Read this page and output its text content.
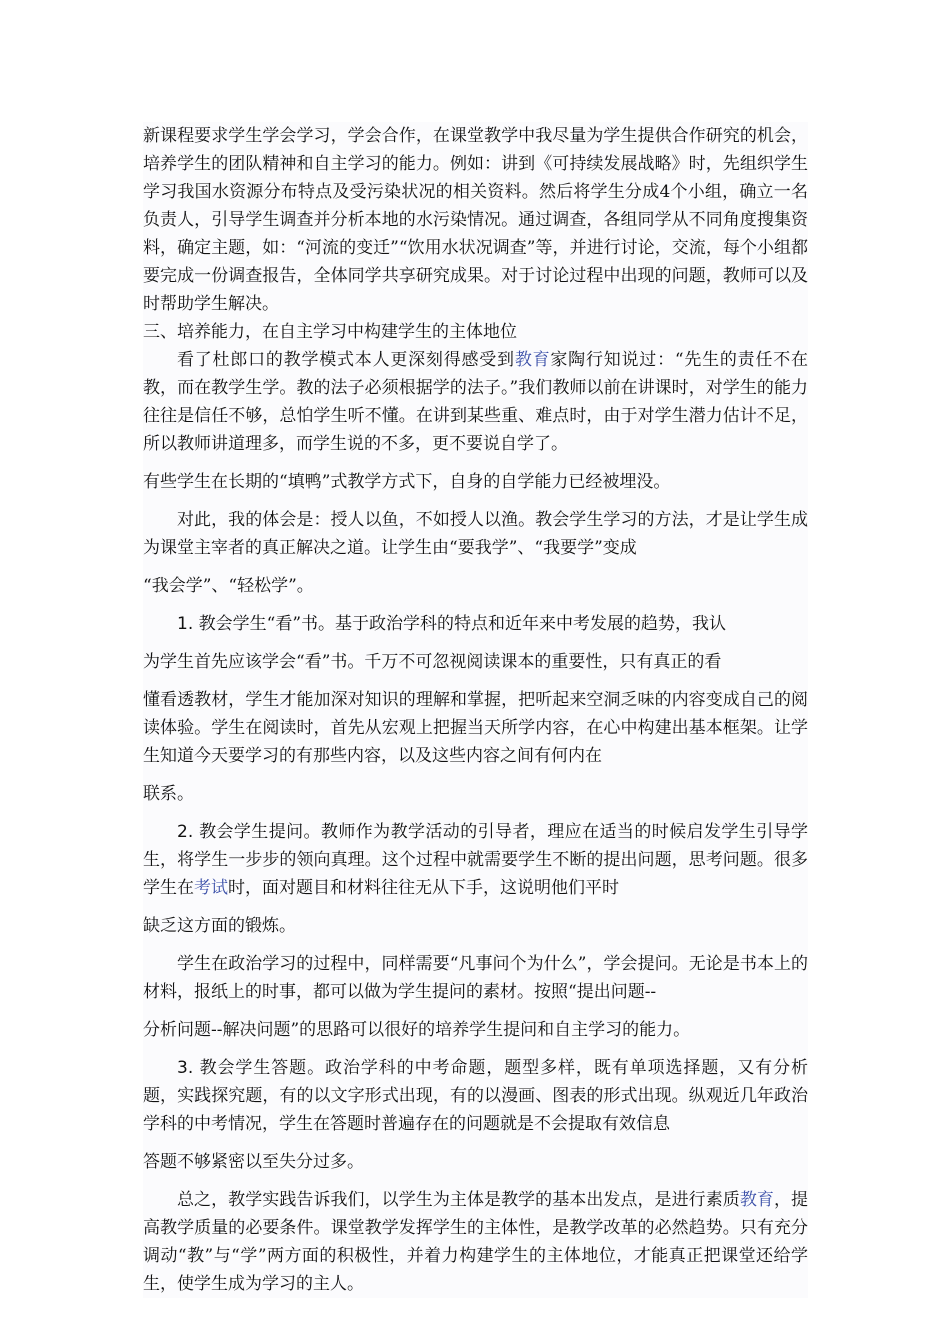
新课程要求学生学会学习，学会合作，在课堂教学中我尽量为学生提供合作研究的机会，培养学生的团队精神和自主学习的能力。例如：讲到《可持续发展战略》时，先组织学生学习我国水资源分布特点及受污染状况的相关资料。然后将学生分成4个小组，确立一名负责人，引导学生调查并分析本地的水污染情况。通过调查，各组同学从不同角度搜集资料，确定主题，如：“河流的变迁”“饮用水状况调查”等，并进行讨论，交流，每个小组都要完成一份调查报告，全体同学共享研究成果。对于讨论过程中出现的问题，教师可以及时帮助学生解决。

三、培养能力，在自主学习中构建学生的主体地位

看了杜郎口的教学模式本人更深刻得感受到教育家陶行知说过：“先生的责任不在教，而在教学生学。教的法子必须根据学的法子。”我们教师以前在讲课时，对学生的能力往往是信任不够，总怕学生听不懂。在讲到某些重、难点时，由于对学生潜力估计不足，所以教师讲道理多，而学生说的不多，更不要说自学了。

有些学生在长期的“填鸭”式教学方式下，自身的自学能力已经被埋没。

对此，我的体会是：授人以鱼，不如授人以渔。教会学生学习的方法，才是让学生成为课堂主宰者的真正解决之道。让学生由“要我学”、“我要学”变成

“我会学”、“轻松学”。

1. 教会学生“看”书。基于政治学科的特点和近年来中考发展的趋势，我认

为学生首先应该学会“看”书。千万不可忽视阅读课本的重要性，只有真正的看

懂看透教材，学生才能加深对知识的理解和掌握，把听起来空洞乏味的内容变成自己的阅读体验。学生在阅读时，首先从宏观上把握当天所学内容，在心中构建出基本框架。让学生知道今天要学习的有那些内容，以及这些内容之间有何内在

联系。

2. 教会学生提问。教师作为教学活动的引导者，理应在适当的时候启发学生引导学生，将学生一步步的领向真理。这个过程中就需要学生不断的提出问题，思考问题。很多学生在考试时，面对题目和材料往往无从下手，这说明他们平时

缺乏这方面的锻炼。

学生在政治学习的过程中，同样需要“凡事问个为什么”，学会提问。无论是书本上的材料，报纸上的时事，都可以做为学生提问的素材。按照“提出问题--

分析问题--解决问题”的思路可以很好的培养学生提问和自主学习的能力。

3. 教会学生答题。政治学科的中考命题，题型多样，既有单项选择题，又有分析题，实践探究题，有的以文字形式出现，有的以漫画、图表的形式出现。纵观近几年政治学科的中考情况，学生在答题时普遍存在的问题就是不会提取有效信息

答题不够紧密以至失分过多。

总之，教学实践告诉我们，以学生为主体是教学的基本出发点，是进行素质教育，提高教学质量的必要条件。课堂教学发挥学生的主体性，是教学改革的必然趋势。只有充分调动“教”与“学”两方面的积极性，并着力构建学生的主体地位，才能真正把课堂还给学生，使学生成为学习的主人。
